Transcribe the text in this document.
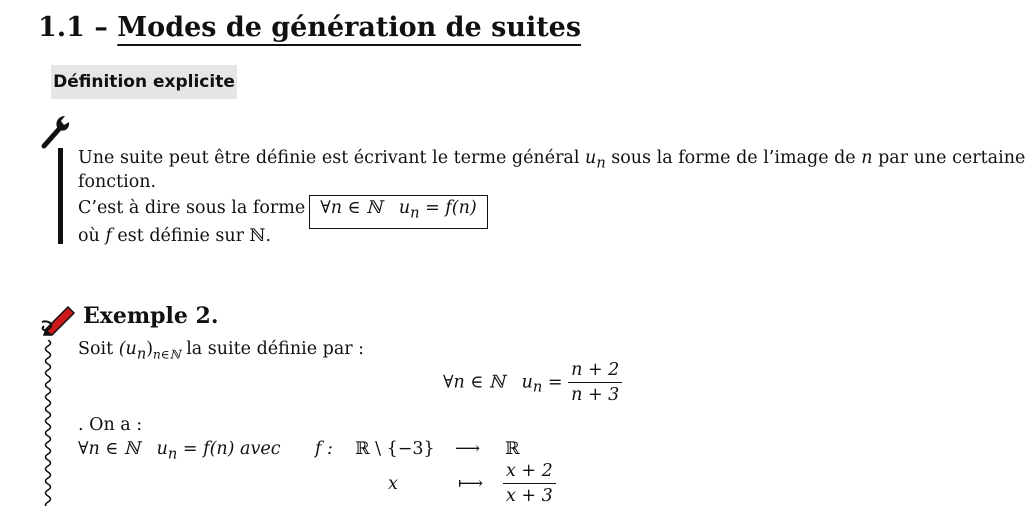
1.1 – Modes de génération de suites
Définition explicite
Une suite peut être définie est écrivant le terme général $u_n$ sous la forme de l’image de n par une certaine
fonction.
C’est à dire sous la forme ∀n ∈ ℕ $u_n = f(n)$
où f est définie sur ℕ.
Exemple 2.
Soit $(u_n)_{n\in ℕ}$ la suite définie par :
∀n ∈ ℕ $u_n = \frac{n + 2}{n + 3}$
. On a :
∀n ∈ ℕ $u_n = f(n)$ avec f : ℝ \ {−3} ⟶ ℝ
x	⟼ $\frac{x + 2}{x + 3}$
